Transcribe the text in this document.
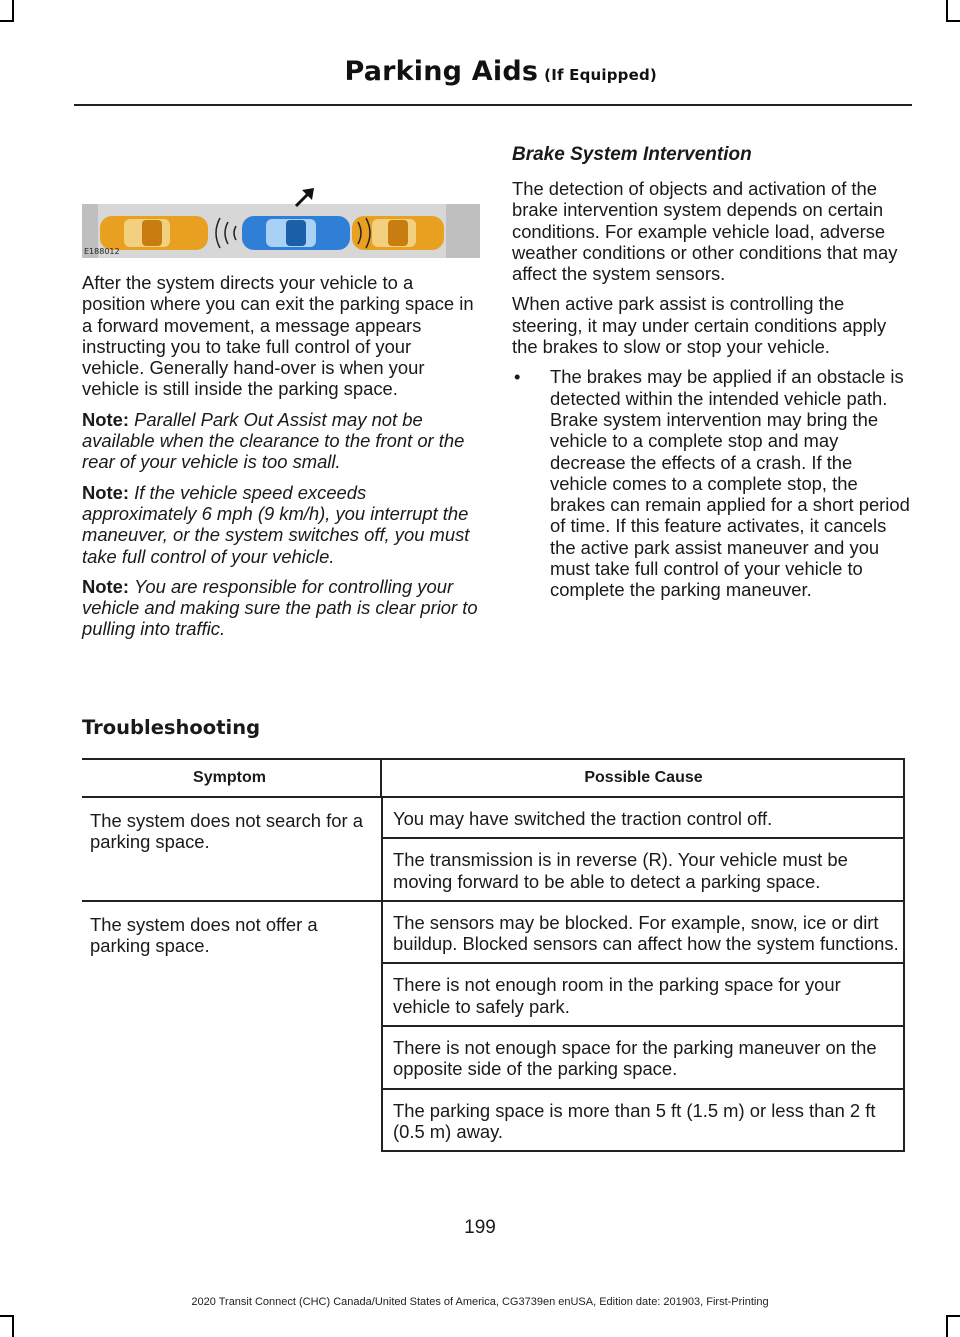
Parking Aids (If Equipped)
E188012

After the system directs your vehicle to a position where you can exit the parking space in a forward movement, a message appears instructing you to take full control of your vehicle. Generally hand-over is when your vehicle is still inside the parking space.

Note: Parallel Park Out Assist may not be available when the clearance to the front or the rear of your vehicle is too small.

Note: If the vehicle speed exceeds approximately 6 mph (9 km/h), you interrupt the maneuver, or the system switches off, you must take full control of your vehicle.

Note: You are responsible for controlling your vehicle and making sure the path is clear prior to pulling into traffic.

Brake System Intervention

The detection of objects and activation of the brake intervention system depends on certain conditions. For example vehicle load, adverse weather conditions or other conditions that may affect the system sensors.

When active park assist is controlling the steering, it may under certain conditions apply the brakes to slow or stop your vehicle.

•	The brakes may be applied if an obstacle is detected within the intended vehicle path. Brake system intervention may bring the vehicle to a complete stop and may decrease the effects of a crash. If the vehicle comes to a complete stop, the brakes can remain applied for a short period of time. If this feature activates, it cancels the active park assist maneuver and you must take full control of your vehicle to complete the parking maneuver.
Troubleshooting
Symptom	Possible Cause
The system does not search for a parking space.
You may have switched the traction control off.
The transmission is in reverse (R). Your vehicle must be moving forward to be able to detect a parking space.
The system does not offer a parking space.
The sensors may be blocked. For example, snow, ice or dirt buildup. Blocked sensors can affect how the system functions.
There is not enough room in the parking space for your vehicle to safely park.
There is not enough space for the parking maneuver on the opposite side of the parking space.
The parking space is more than 5 ft (1.5 m) or less than 2 ft (0.5 m) away.
199
2020 Transit Connect (CHC) Canada/United States of America, CG3739en enUSA, Edition date: 201903, First-Printing
